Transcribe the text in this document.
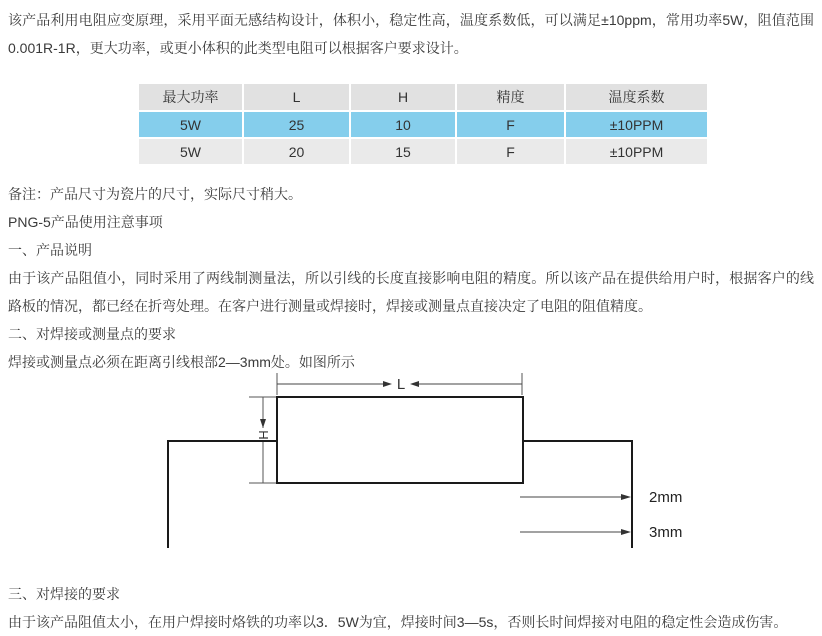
该产品利用电阻应变原理，采用平面无感结构设计，体积小，稳定性高，温度系数低，可以满足±10ppm，常用功率5W，阻值范围0.001R-1R，更大功率，或更小体积的此类型电阻可以根据客户要求设计。

最大功率	L	H	精度	温度系数
5W	25	10	F	±10PPM
5W	20	15	F	±10PPM

备注：产品尺寸为瓷片的尺寸，实际尺寸稍大。

PNG-5产品使用注意事项

一、产品说明

由于该产品阻值小，同时采用了两线制测量法，所以引线的长度直接影响电阻的精度。所以该产品在提供给用户时，根据客户的线路板的情况，都已经在折弯处理。在客户进行测量或焊接时，焊接或测量点直接决定了电阻的阻值精度。

二、对焊接或测量点的要求

焊接或测量点必须在距离引线根部2—3mm处。如图所示

L
H
2mm
3mm

三、对焊接的要求

由于该产品阻值太小，在用户焊接时烙铁的功率以3．5W为宜，焊接时间3—5s，否则长时间焊接对电阻的稳定性会造成伤害。
